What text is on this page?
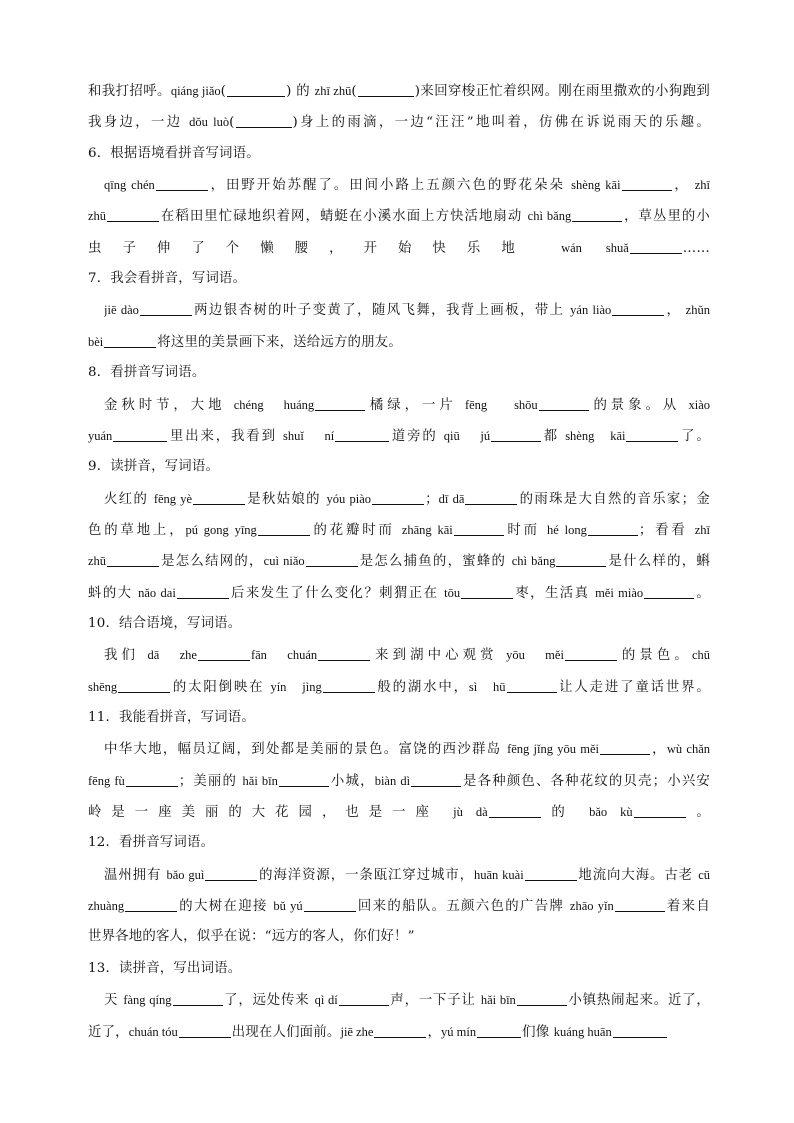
和我打招呼。qiáng jiǎo(	) 的 zhī zhū(	)来回穿梭正忙着织网。刚在雨里撒欢的小狗跑到
我身边，一边 dǒu luò(	)身上的雨滴，一边“汪汪”地叫着，仿佛在诉说雨天的乐趣。
6．根据语境看拼音写词语。
qīng chén	，田野开始苏醒了。田间小路上五颜六色的野花朵朵 shèng kāi	， zhī
zhū	在稻田里忙碌地织着网，蜻蜓在小溪水面上方快活地扇动 chì bǎng	，草丛里的小
虫子伸了个懒腰，开始快乐地 wán shuǎ	……
7．我会看拼音，写词语。
jiē dào	两边银杏树的叶子变黄了，随风飞舞，我背上画板，带上 yán liào	， zhǔn
bèi	将这里的美景画下来，送给远方的朋友。
8．看拼音写词语。
金秋时节，大地 chéng　huáng	橘绿，一片 fēng　 shōu	的景象。从 xiào
yuán	里出来，我看到 shuǐ　 ní	道旁的 qiū　 jú	都 shèng　kāi	了。
9．读拼音，写词语。
火红的 fēng yè	是秋姑娘的 yóu piào	；dī dā	的雨珠是大自然的音乐家；金
色的草地上，pú gong yīng	的花瓣时而 zhāng kāi	时而 hé long	；看看 zhī
zhū	是怎么结网的，cuì niǎo	是怎么捕鱼的，蜜蜂的 chì bǎng	是什么样的，蝌
蚪的大 nǎo dai	后来发生了什么变化？刺猬正在 tōu	枣，生活真 měi miào	。
10．结合语境，写词语。
我们 dā　zhe	fān　chuán	来到湖中心观赏 yōu　měi	的景色。chū
shēng	的太阳倒映在 yín　jìng	般的湖水中，sì　hū	让人走进了童话世界。
11．我能看拼音，写词语。
中华大地，幅员辽阔，到处都是美丽的景色。富饶的西沙群岛 fēng jǐng yōu měi	，wù chǎn
fēng fù	；美丽的 hǎi bīn	小城，biàn dì	是各种颜色、各种花纹的贝壳；小兴安
岭是一座美丽的大花园，也是一座 jù dà	的 bǎo kù	。
12．看拼音写词语。
温州拥有 bǎo guì	的海洋资源，一条瓯江穿过城市，huān kuài	地流向大海。古老 cū
zhuàng	的大树在迎接 bǔ yú	回来的船队。五颜六色的广告牌 zhāo yǐn	着来自
世界各地的客人，似乎在说：“远方的客人，你们好！”
13．读拼音，写出词语。
天 fàng qíng	了，远处传来 qì dí	声，一下子让 hǎi bīn	小镇热闹起来。近了，
近了，chuán tóu	出现在人们面前。jiē zhe	，yú mín	们像 kuáng huān
